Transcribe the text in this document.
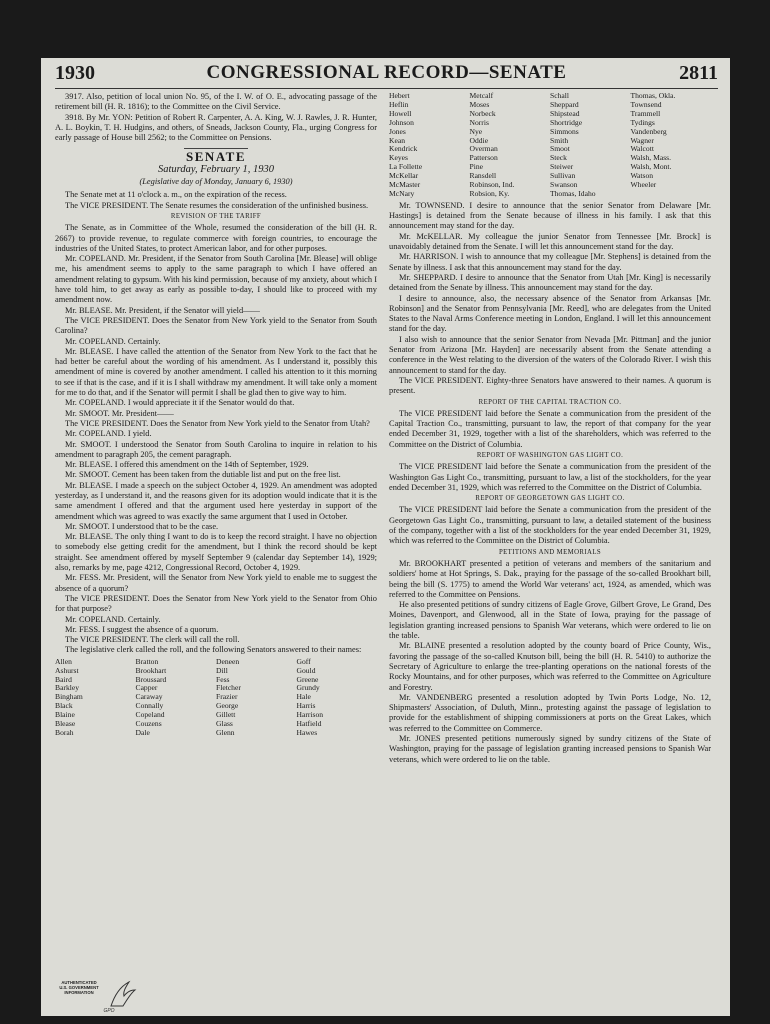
1930	CONGRESSIONAL RECORD—SENATE	2811

3917. Also, petition of local union No. 95, of the I. W. of O. E., advocating passage of the retirement bill (H. R. 1816); to the Committee on the Civil Service.

3918. By Mr. YON: Petition of Robert R. Carpenter, A. A. King, W. J. Rawles, J. R. Hunter, A. L. Boykin, T. H. Hudgins, and others, of Sneads, Jackson County, Fla., urging Congress for early passage of House bill 2562; to the Committee on Pensions.

SENATE
Saturday, February 1, 1930
(Legislative day of Monday, January 6, 1930)

The Senate met at 11 o'clock a. m., on the expiration of the recess.

The VICE PRESIDENT. The Senate resumes the consideration of the unfinished business.

REVISION OF THE TARIFF

The Senate, as in Committee of the Whole, resumed the consideration of the bill (H. R. 2667) to provide revenue, to regulate commerce with foreign countries, to encourage the industries of the United States, to protect American labor, and for other purposes.

Mr. COPELAND. Mr. President, if the Senator from South Carolina [Mr. Blease] will oblige me, his amendment seems to apply to the same paragraph to which I have offered an amendment relating to gypsum. With his kind permission, because of my anxiety, about which I have told him, to get away as early as possible to-day, I should like to proceed with my amendment now.

Mr. BLEASE. Mr. President, if the Senator will yield——

The VICE PRESIDENT. Does the Senator from New York yield to the Senator from South Carolina?

Mr. COPELAND. Certainly.

Mr. BLEASE. I have called the attention of the Senator from New York to the fact that he had better be careful about the wording of his amendment. As I understand it, possibly this amendment of mine is covered by another amendment. I called his attention to it this morning to see if that is the case, and if it is I shall withdraw my amendment. It will take only a moment for me to do that, and if the Senator will permit I shall be glad then to give way to him.

Mr. COPELAND. I would appreciate it if the Senator would do that.

Mr. SMOOT. Mr. President——

The VICE PRESIDENT. Does the Senator from New York yield to the Senator from Utah?

Mr. COPELAND. I yield.

Mr. SMOOT. I understood the Senator from South Carolina to inquire in relation to his amendment to paragraph 205, the cement paragraph.

Mr. BLEASE. I offered this amendment on the 14th of September, 1929.

Mr. SMOOT. Cement has been taken from the dutiable list and put on the free list.

Mr. BLEASE. I made a speech on the subject October 4, 1929. An amendment was adopted yesterday, as I understand it, and the reasons given for its adoption would indicate that it is the same amendment I offered and that the argument used here yesterday in support of the amendment which was agreed to was exactly the same argument that I used in October.

Mr. SMOOT. I understood that to be the case.

Mr. BLEASE. The only thing I want to do is to keep the record straight. I have no objection to somebody else getting credit for the amendment, but I think the record should be kept straight. See amendment offered by myself September 9 (calendar day September 14), 1929; also, remarks by me, page 4212, Congressional Record, October 4, 1929.

Mr. FESS. Mr. President, will the Senator from New York yield to enable me to suggest the absence of a quorum?

The VICE PRESIDENT. Does the Senator from New York yield to the Senator from Ohio for that purpose?

Mr. COPELAND. Certainly.

Mr. FESS. I suggest the absence of a quorum.

The VICE PRESIDENT. The clerk will call the roll.

The legislative clerk called the roll, and the following Senators answered to their names:

Allen
Ashurst
Baird
Barkley
Bingham
Black
Blaine
Blease
Borah
Bratton
Brookhart
Broussard
Capper
Caraway
Connally
Copeland
Couzens
Dale
Deneen
Dill
Fess
Fletcher
Frazier
George
Gillett
Glass
Glenn
Goff
Gould
Greene
Grundy
Hale
Harris
Harrison
Hatfield
Hawes
Hebert
Heflin
Howell
Johnson
Jones
Kean
Kendrick
Keyes
La Follette
McKellar
McMaster
McNary
Metcalf
Moses
Norbeck
Norris
Nye
Oddie
Overman
Patterson
Pine
Ransdell
Robinson, Ind.
Robsion, Ky.
Schall
Sheppard
Shipstead
Shortridge
Simmons
Smith
Smoot
Steck
Steiwer
Sullivan
Swanson
Thomas, Idaho
Thomas, Okla.
Townsend
Trammell
Tydings
Vandenberg
Wagner
Walcott
Walsh, Mass.
Walsh, Mont.
Watson
Wheeler

Mr. TOWNSEND. I desire to announce that the senior Senator from Delaware [Mr. Hastings] is detained from the Senate because of illness in his family. I ask that this announcement may stand for the day.

Mr. McKELLAR. My colleague the junior Senator from Tennessee [Mr. Brock] is unavoidably detained from the Senate. I will let this announcement stand for the day.

Mr. HARRISON. I wish to announce that my colleague [Mr. Stephens] is detained from the Senate by illness. I ask that this announcement may stand for the day.

Mr. SHEPPARD. I desire to announce that the Senator from Utah [Mr. King] is necessarily detained from the Senate by illness. This announcement may stand for the day.

I desire to announce, also, the necessary absence of the Senator from Arkansas [Mr. Robinson] and the Senator from Pennsylvania [Mr. Reed], who are delegates from the United States to the Naval Arms Conference meeting in London, England. I will let this announcement stand for the day.

I also wish to announce that the senior Senator from Nevada [Mr. Pittman] and the junior Senator from Arizona [Mr. Hayden] are necessarily absent from the Senate attending a conference in the West relating to the diversion of the waters of the Colorado River. I wish this announcement to stand for the day.

The VICE PRESIDENT. Eighty-three Senators have answered to their names. A quorum is present.

REPORT OF THE CAPITAL TRACTION CO.

The VICE PRESIDENT laid before the Senate a communication from the president of the Capital Traction Co., transmitting, pursuant to law, the report of that company for the year ended December 31, 1929, together with a list of the shareholders, which was referred to the Committee on the District of Columbia.

REPORT OF WASHINGTON GAS LIGHT CO.

The VICE PRESIDENT laid before the Senate a communication from the president of the Washington Gas Light Co., transmitting, pursuant to law, a list of the stockholders, for the year ended December 31, 1929, which was referred to the Committee on the District of Columbia.

REPORT OF GEORGETOWN GAS LIGHT CO.

The VICE PRESIDENT laid before the Senate a communication from the president of the Georgetown Gas Light Co., transmitting, pursuant to law, a detailed statement of the business of the company, together with a list of the stockholders for the year ended December 31, 1929, which was referred to the Committee on the District of Columbia.

PETITIONS AND MEMORIALS

Mr. BROOKHART presented a petition of veterans and members of the sanitarium and soldiers' home at Hot Springs, S. Dak., praying for the passage of the so-called Brookhart bill, being the bill (S. 1775) to amend the World War veterans' act, 1924, as amended, which was referred to the Committee on Pensions.

He also presented petitions of sundry citizens of Eagle Grove, Gilbert Grove, Le Grand, Des Moines, Davenport, and Glenwood, all in the State of Iowa, praying for the passage of legislation granting increased pensions to Spanish War veterans, which were ordered to lie on the table.

Mr. BLAINE presented a resolution adopted by the county board of Price County, Wis., favoring the passage of the so-called Knutson bill, being the bill (H. R. 5410) to authorize the Secretary of Agriculture to enlarge the tree-planting operations on the national forests of the Rocky Mountains, and for other purposes, which was referred to the Committee on Agriculture and Forestry.

Mr. VANDENBERG presented a resolution adopted by Twin Ports Lodge, No. 12, Shipmasters' Association, of Duluth, Minn., protesting against the passage of legislation to provide for the establishment of shipping commissioners at ports on the Great Lakes, which was referred to the Committee on Commerce.

Mr. JONES presented petitions numerously signed by sundry citizens of the State of Washington, praying for the passage of legislation granting increased pensions to Spanish War veterans, which were ordered to lie on the table.

AUTHENTICATED
U.S. GOVERNMENT
INFORMATION
GPO
